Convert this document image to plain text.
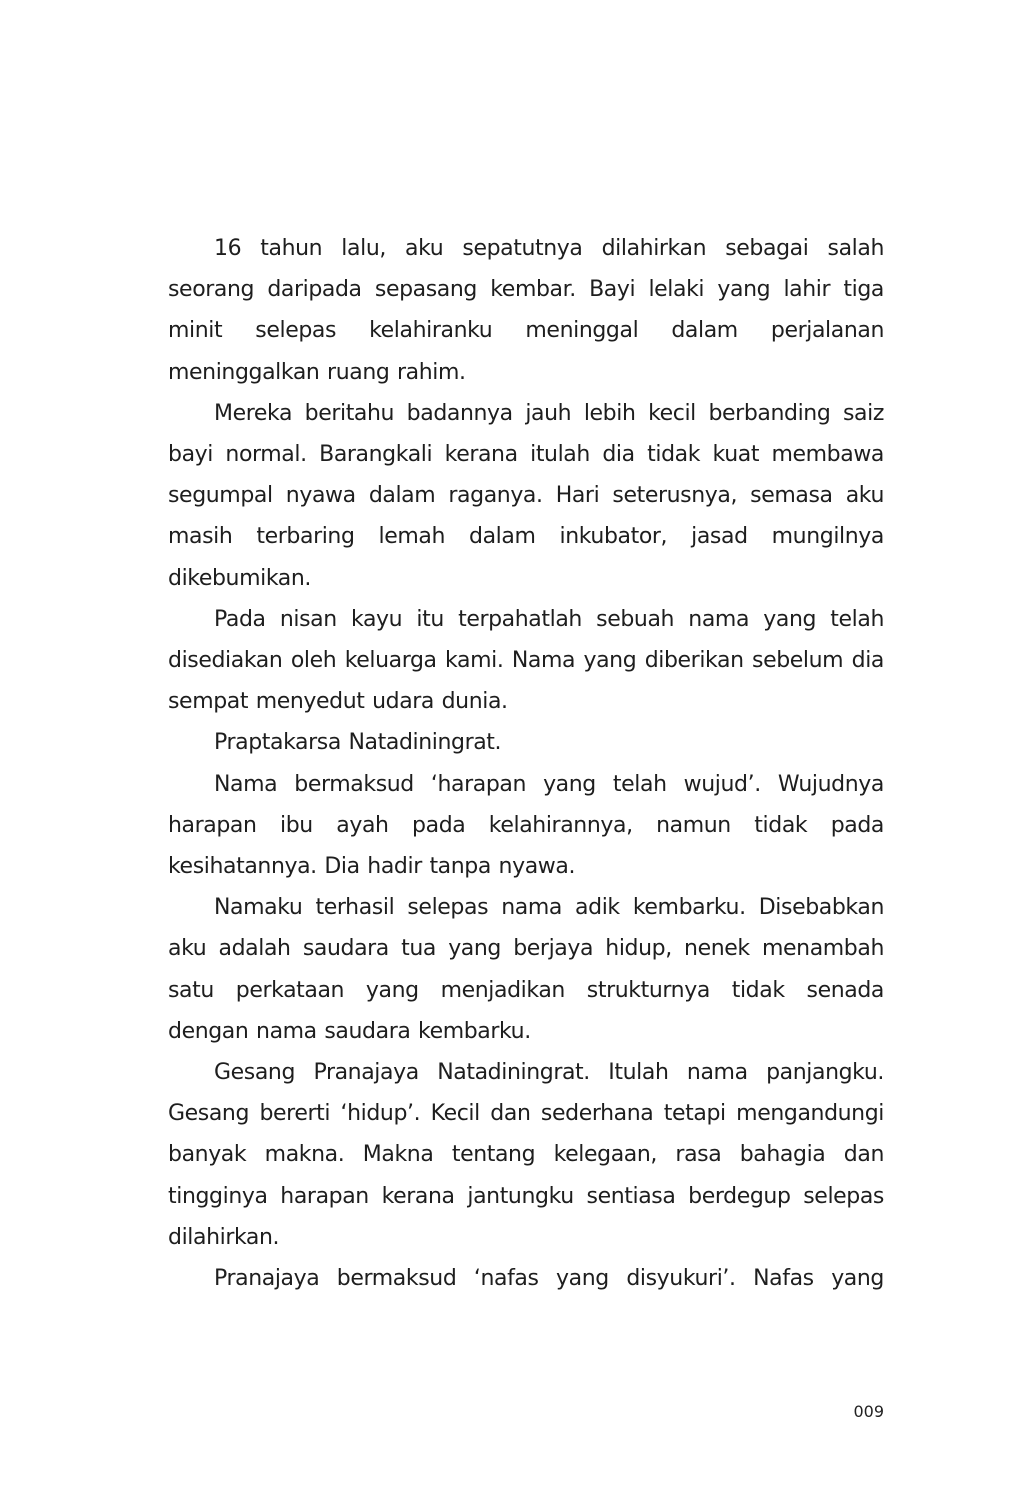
16 tahun lalu, aku sepatutnya dilahirkan sebagai salah seorang daripada sepasang kembar. Bayi lelaki yang lahir tiga minit selepas kelahiranku meninggal dalam perjalanan meninggalkan ruang rahim.

Mereka beritahu badannya jauh lebih kecil berbanding saiz bayi normal. Barangkali kerana itulah dia tidak kuat membawa segumpal nyawa dalam raganya. Hari seterusnya, semasa aku masih terbaring lemah dalam inkubator, jasad mungilnya dikebumikan.

Pada nisan kayu itu terpahatlah sebuah nama yang telah disediakan oleh keluarga kami. Nama yang diberikan sebelum dia sempat menyedut udara dunia.

Praptakarsa Natadiningrat.

Nama bermaksud ‘harapan yang telah wujud’. Wujudnya harapan ibu ayah pada kelahirannya, namun tidak pada kesihatannya. Dia hadir tanpa nyawa.

Namaku terhasil selepas nama adik kembarku. Disebabkan aku adalah saudara tua yang berjaya hidup, nenek menambah satu perkataan yang menjadikan strukturnya tidak senada dengan nama saudara kembarku.

Gesang Pranajaya Natadiningrat. Itulah nama panjangku. Gesang bererti ‘hidup’. Kecil dan sederhana tetapi mengandungi banyak makna. Makna tentang kelegaan, rasa bahagia dan tingginya harapan kerana jantungku sentiasa berdegup selepas dilahirkan.

Pranajaya bermaksud ‘nafas yang disyukuri’. Nafas yang

009
